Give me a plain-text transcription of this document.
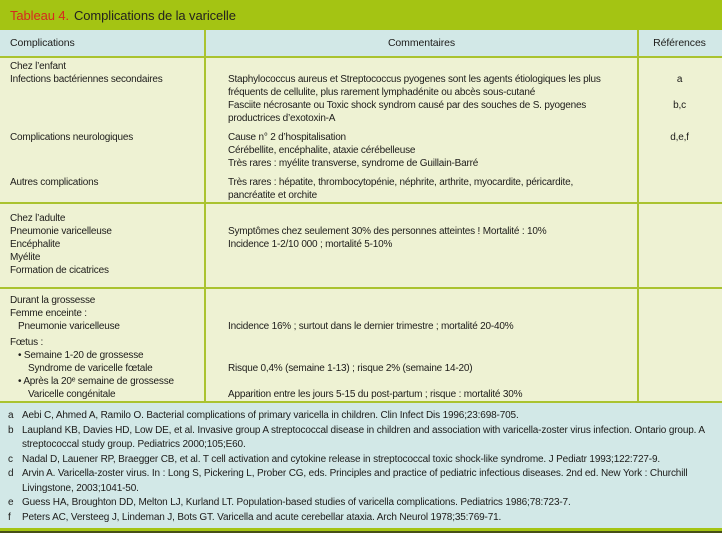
Tableau 4. Complications de la varicelle
Complications	Commentaires	Références
Chez l’enfant
Infections bactériennes secondaires	Staphylococcus aureus et Streptococcus pyogenes sont les agents étiologiques les plus	a
fréquents de cellulite, plus rarement lymphadénite ou abcès sous-cutané
Fasciite nécrosante ou Toxic shock syndrom causé par des souches de S. pyogenes	b,c
productrices d’exotoxin-A
Complications neurologiques	Cause n° 2 d’hospitalisation	d,e,f
Cérébellite, encéphalite, ataxie cérébelleuse
Très rares : myélite transverse, syndrome de Guillain-Barré
Autres complications	Très rares : hépatite, thrombocytopénie, néphrite, arthrite, myocardite, péricardite,
pancréatite et orchite
Chez l’adulte
Pneumonie varicelleuse	Symptômes chez seulement 30% des personnes atteintes ! Mortalité : 10%
Encéphalite	Incidence 1-2/10 000 ; mortalité 5-10%
Myélite
Formation de cicatrices
Durant la grossesse
Femme enceinte :
Pneumonie varicelleuse	Incidence 16% ; surtout dans le dernier trimestre ; mortalité 20-40%
Fœtus :
• Semaine 1-20 de grossesse
Syndrome de varicelle fœtale	Risque 0,4% (semaine 1-13) ; risque 2% (semaine 14-20)
• Après la 20ᵉ semaine de grossesse
Varicelle congénitale	Apparition entre les jours 5-15 du post-partum ; risque : mortalité 30%
a Aebi C, Ahmed A, Ramilo O. Bacterial complications of primary varicella in children. Clin Infect Dis 1996;23:698-705.
b Laupland KB, Davies HD, Low DE, et al. Invasive group A streptococcal disease in children and association with varicella-zoster virus infection. Ontario group. A streptococcal study group. Pediatrics 2000;105;E60.
c Nadal D, Lauener RP, Braegger CB, et al. T cell activation and cytokine release in streptococcal toxic shock-like syndrome. J Pediatr 1993;122:727-9.
d Arvin A. Varicella-zoster virus. In : Long S, Pickering L, Prober CG, eds. Principles and practice of pediatric infectious diseases. 2nd ed. New York : Churchill Livingstone, 2003;1041-50.
e Guess HA, Broughton DD, Melton LJ, Kurland LT. Population-based studies of varicella complications. Pediatrics 1986;78:723-7.
f Peters AC, Versteeg J, Lindeman J, Bots GT. Varicella and acute cerebellar ataxia. Arch Neurol 1978;35:769-71.
